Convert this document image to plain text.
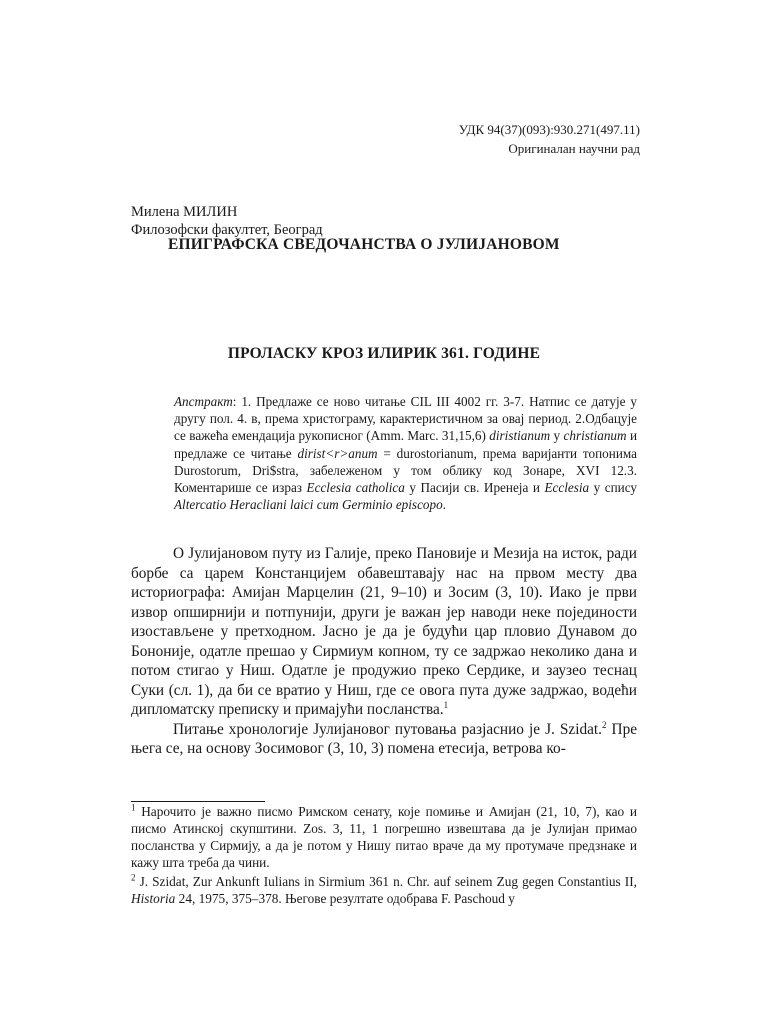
УДК 94(37)(093):930.271(497.11)
Оригиналан научни рад
Милена МИЛИН
Филозофски факултет, Београд
ЕПИГРАФСКА СВЕДОЧАНСТВА О ЈУЛИЈАНОВОМ
ПРОЛАСКУ КРОЗ ИЛИРИК 361. ГОДИНЕ
Апстракт: 1. Предлаже се ново читање CIL III 4002 гг. 3-7. Натпис се датује у другу пол. 4. в, према христограму, карактеристичном за овај период. 2.Одбацује се важећа емендација рукописног (Amm. Marc. 31,15,6) diristianum у christianum и предлаже се читање dirist<r>anum = durostorianum, према варијанти топонима Durostorum, Dri$stra, забележеном у том облику код Зонаре, XVI 12.3. Коментарише се израз Ecclesia catholica у Пасији св. Иренеја и Ecclesia у спису Altercatio Heracliani laici cum Germinio episcopo.

О Јулијановом путу из Галије, преко Пановије и Мезија на исток, ради борбе са царем Констанцијем обавештавају нас на првом месту два историографа: Амијан Марцелин (21, 9–10) и Зосим (3, 10). Иако је први извор опширнији и потпунији, други је важан јер наводи неке појединости изостављене у претходном. Јасно је да је будући цар пловио Дунавом до Бононије, одатле прешао у Сирмиум копном, ту се задржао неколико дана и потом стигао у Ниш. Одатле је продужио преко Сердике, и заузео теснац Суки (сл. 1), да би се вратио у Ниш, где се овога пута дуже задржао, водећи дипломатску преписку и примајући посланства.$^1$

Питање хронологије Јулијановог путовања разјаснио је J. Szidat.$^2$ Пре њега се, на основу Зосимовог (3, 10, 3) помена етесија, ветрова ко-

$^1$ Нарочито је важно писмо Римском сенату, које помиње и Амијан (21, 10, 7), као и писмо Атинској скупштини. Zos. 3, 11, 1 погрешно извештава да је Јулијан примао посланства у Сирмију, а да је потом у Нишу питао враче да му протумаче предзнаке и кажу шта треба да чини.

$^2$ J. Szidat, Zur Ankunft Iulians in Sirmium 361 n. Chr. auf seinem Zug gegen Constantius II, Historia 24, 1975, 375–378. Његове резултате одобрава F. Paschoud у
